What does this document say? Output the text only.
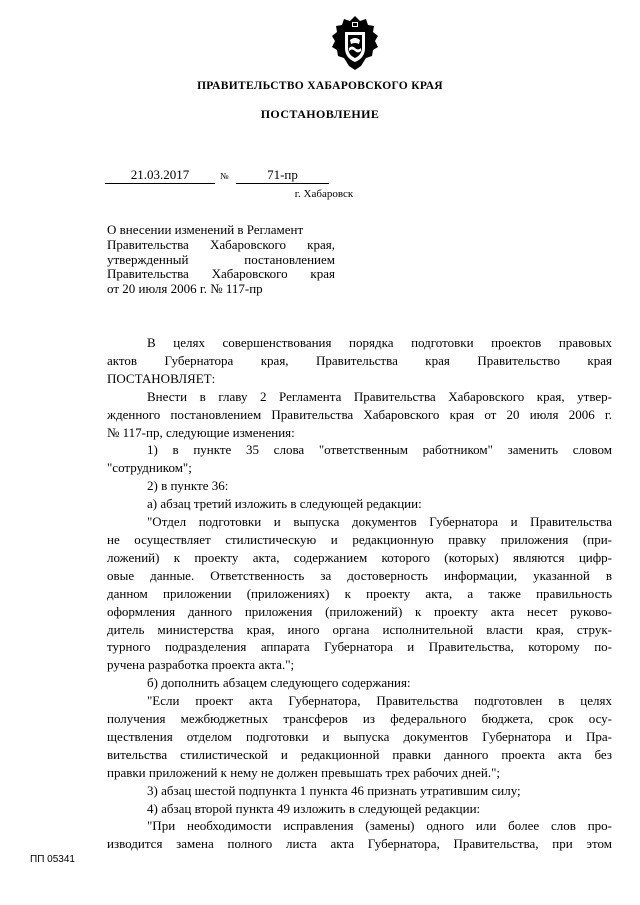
ПРАВИТЕЛЬСТВО ХАБАРОВСКОГО КРАЯ
ПОСТАНОВЛЕНИЕ
21.03.2017	№	71-пр
г. Хабаровск
О внесении изменений в Регламент
Правительства Хабаровского края,
утвержденный постановлением
Правительства Хабаровского края
от 20 июля 2006 г. № 117-пр
В целях совершенствования порядка подготовки проектов правовых
актов Губернатора края, Правительства края Правительство края
ПОСТАНОВЛЯЕТ:
Внести в главу 2 Регламента Правительства Хабаровского края, утвер-
жденного постановлением Правительства Хабаровского края от 20 июля 2006 г.
№ 117-пр, следующие изменения:
1) в пункте 35 слова "ответственным работником" заменить словом
"сотрудником";
2) в пункте 36:
а) абзац третий изложить в следующей редакции:
"Отдел подготовки и выпуска документов Губернатора и Правительства
не осуществляет стилистическую и редакционную правку приложения (при-
ложений) к проекту акта, содержанием которого (которых) являются цифр-
овые данные. Ответственность за достоверность информации, указанной в
данном приложении (приложениях) к проекту акта, а также правильность
оформления данного приложения (приложений) к проекту акта несет руково-
дитель министерства края, иного органа исполнительной власти края, струк-
турного подразделения аппарата Губернатора и Правительства, которому по-
ручена разработка проекта акта.";
б) дополнить абзацем следующего содержания:
"Если проект акта Губернатора, Правительства подготовлен в целях
получения межбюджетных трансферов из федерального бюджета, срок осу-
ществления отделом подготовки и выпуска документов Губернатора и Пра-
вительства стилистической и редакционной правки данного проекта акта без
правки приложений к нему не должен превышать трех рабочих дней.";
3) абзац шестой подпункта 1 пункта 46 признать утратившим силу;
4) абзац второй пункта 49 изложить в следующей редакции:
"При необходимости исправления (замены) одного или более слов про-
изводится замена полного листа акта Губернатора, Правительства, при этом
ПП 05341
